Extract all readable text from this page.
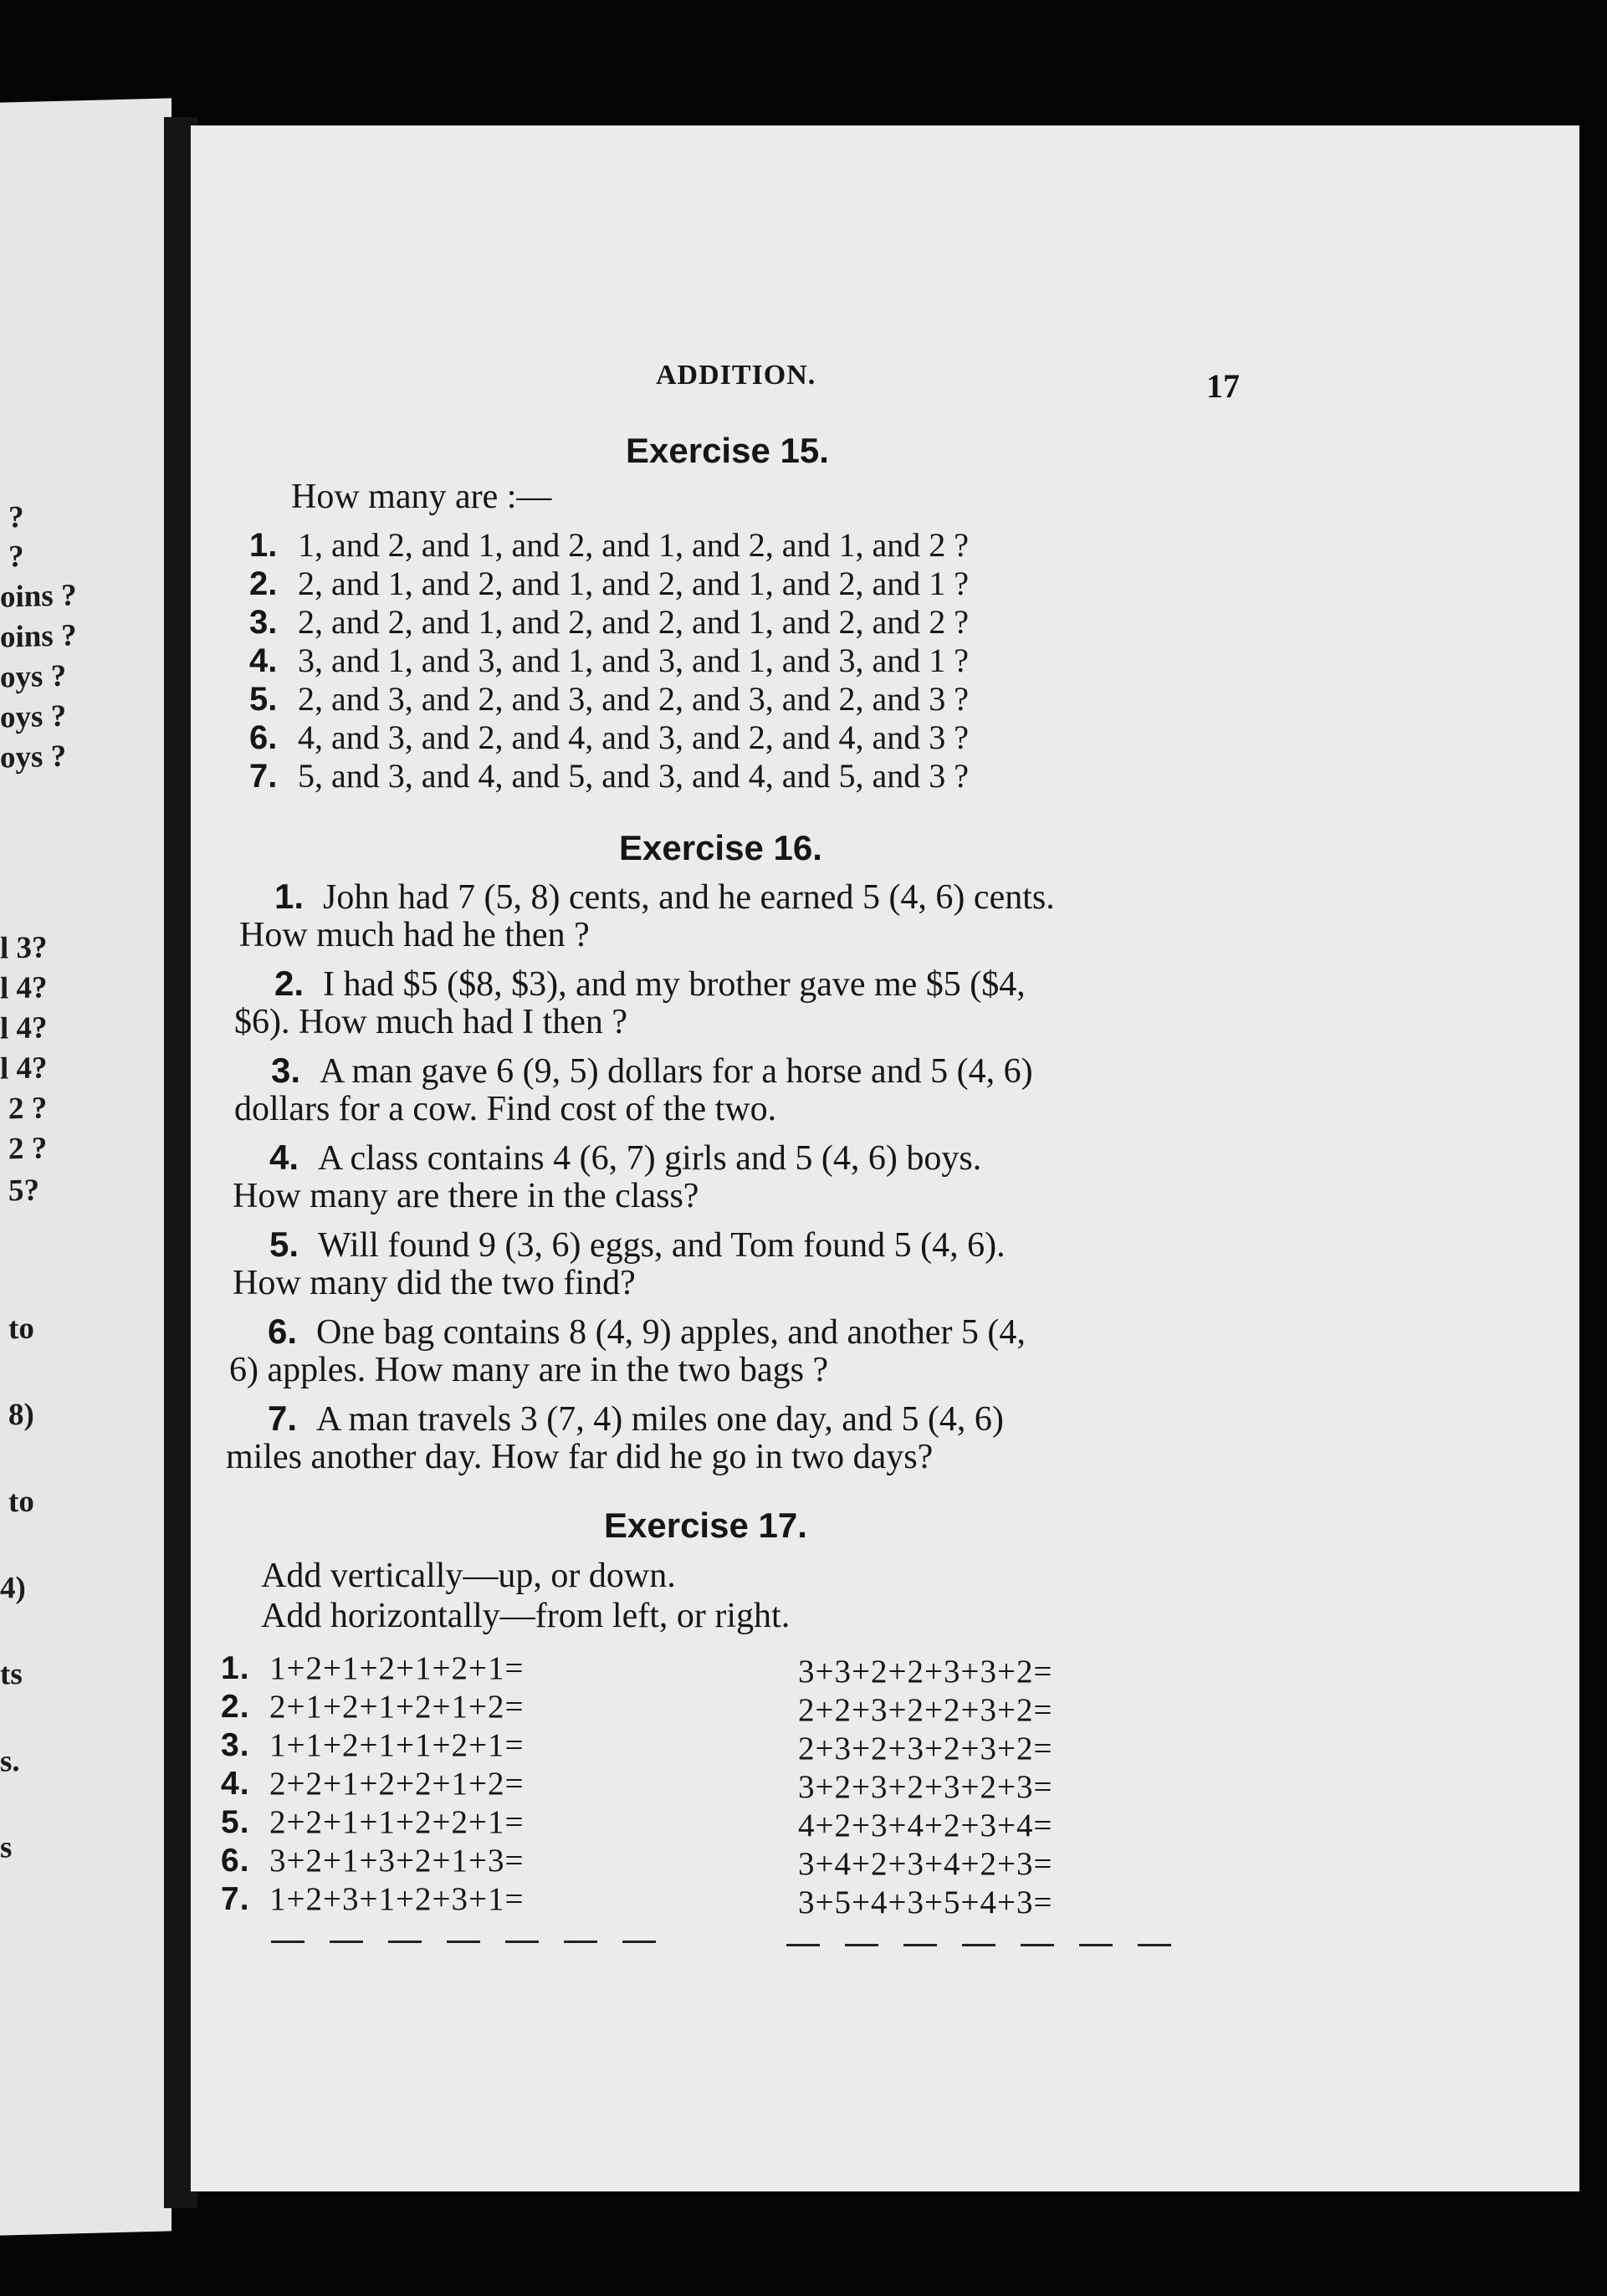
?
?
oins ?
oins ?
oys ?
oys ?
oys ?
l 3?
l 4?
l 4?
l 4?
2 ?
2 ?
5?
to
8)
to
4)
ts
s.
s
ADDITION.	17
Exercise 15.
How many are :—
1. 1, and 2, and 1, and 2, and 1, and 2, and 1, and 2 ?
2. 2, and 1, and 2, and 1, and 2, and 1, and 2, and 1 ?
3. 2, and 2, and 1, and 2, and 2, and 1, and 2, and 2 ?
4. 3, and 1, and 3, and 1, and 3, and 1, and 3, and 1 ?
5. 2, and 3, and 2, and 3, and 2, and 3, and 2, and 3 ?
6. 4, and 3, and 2, and 4, and 3, and 2, and 4, and 3 ?
7. 5, and 3, and 4, and 5, and 3, and 4, and 5, and 3 ?
Exercise 16.
1. John had 7 (5, 8) cents, and he earned 5 (4, 6) cents.
How much had he then ?
2. I had $5 ($8, $3), and my brother gave me $5 ($4,
$6). How much had I then ?
3. A man gave 6 (9, 5) dollars for a horse and 5 (4, 6)
dollars for a cow. Find cost of the two.
4. A class contains 4 (6, 7) girls and 5 (4, 6) boys.
How many are there in the class?
5. Will found 9 (3, 6) eggs, and Tom found 5 (4, 6).
How many did the two find?
6. One bag contains 8 (4, 9) apples, and another 5 (4,
6) apples. How many are in the two bags ?
7. A man travels 3 (7, 4) miles one day, and 5 (4, 6)
miles another day. How far did he go in two days?
Exercise 17.
Add vertically—up, or down.
Add horizontally—from left, or right.
1. 1+2+1+2+1+2+1=	3+3+2+2+3+3+2=
2. 2+1+2+1+2+1+2=	2+2+3+2+2+3+2=
3. 1+1+2+1+1+2+1=	2+3+2+3+2+3+2=
4. 2+2+1+2+2+1+2=	3+2+3+2+3+2+3=
5. 2+2+1+1+2+2+1=	4+2+3+4+2+3+4=
6. 3+2+1+3+2+1+3=	3+4+2+3+4+2+3=
7. 1+2+3+1+2+3+1=	3+5+4+3+5+4+3=
